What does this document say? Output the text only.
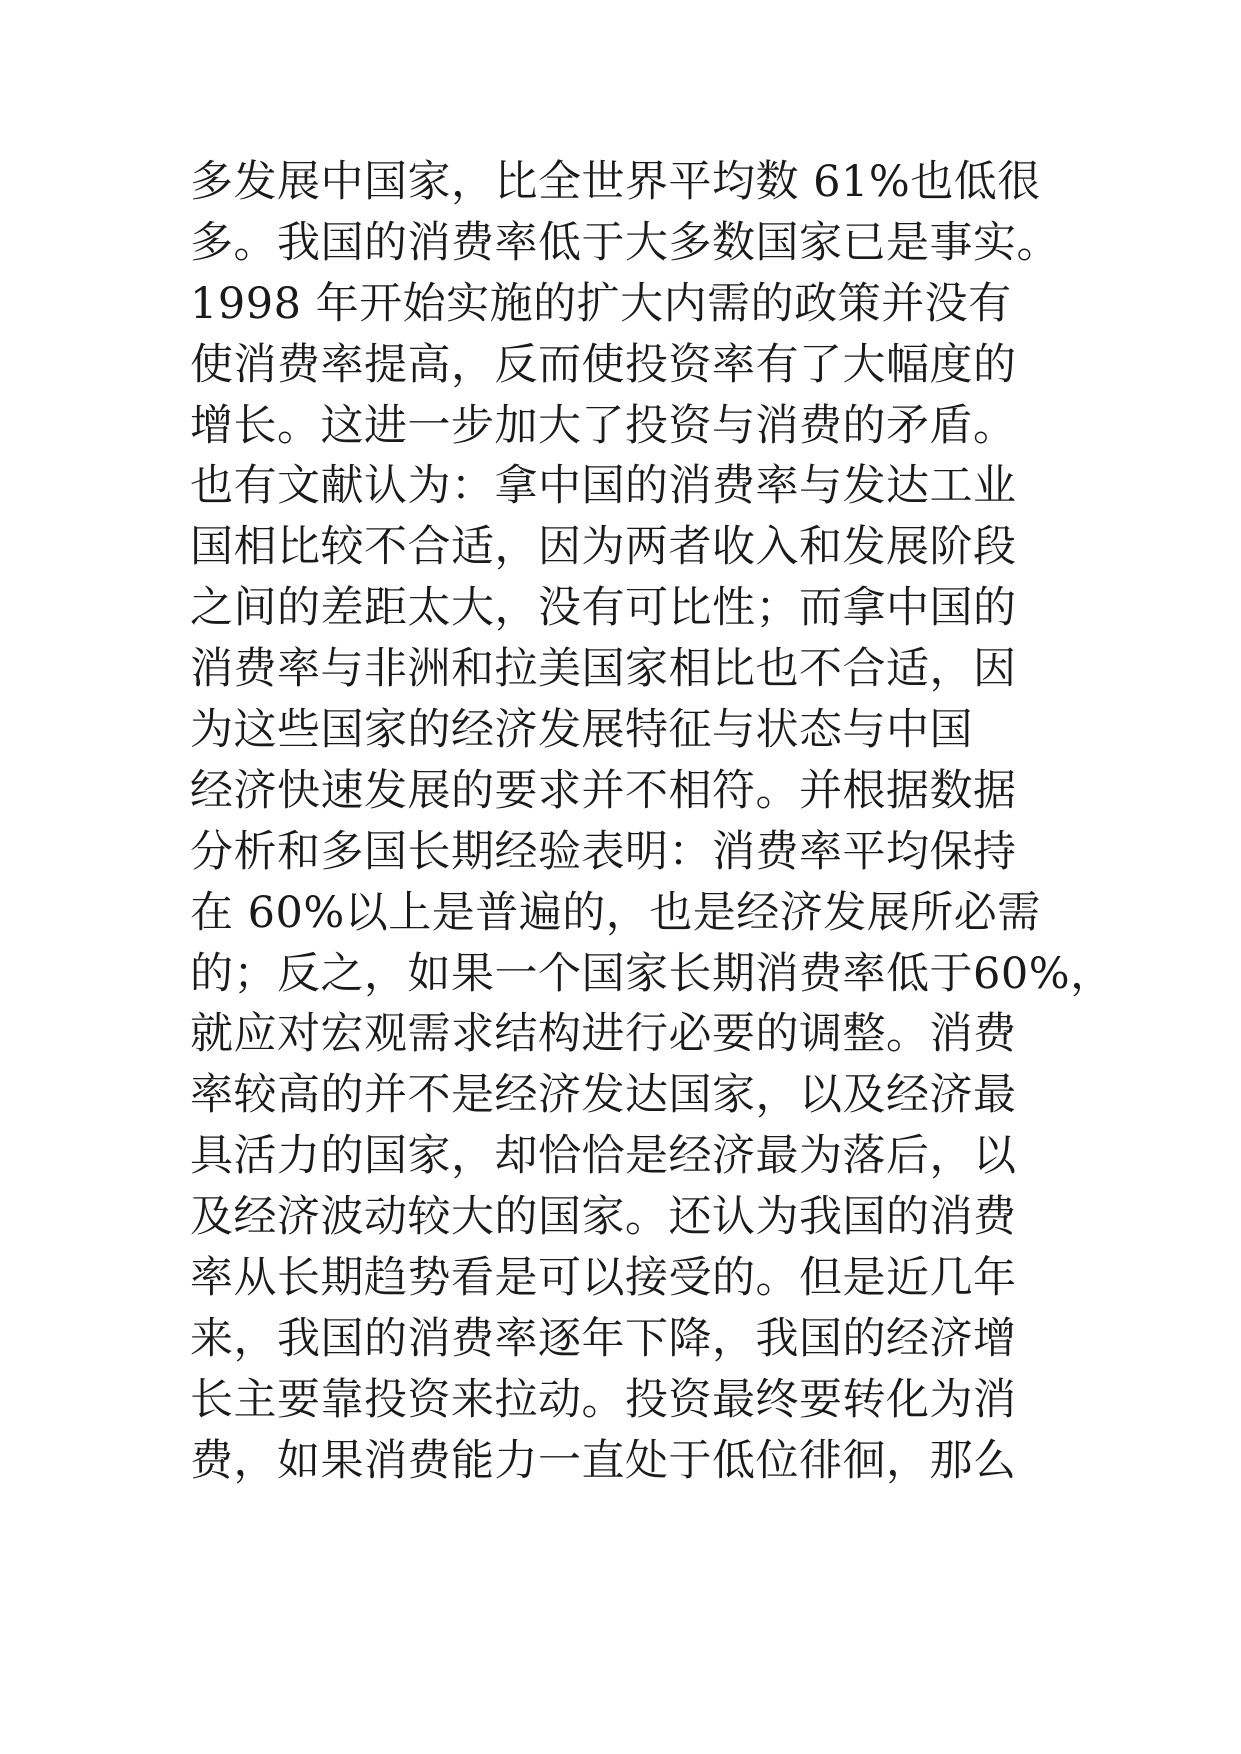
多发展中国家，比全世界平均数 61%也低很
多。我国的消费率低于大多数国家已是事实。
1998 年开始实施的扩大内需的政策并没有
使消费率提高，反而使投资率有了大幅度的
增长。这进一步加大了投资与消费的矛盾。
也有文献认为：拿中国的消费率与发达工业
国相比较不合适，因为两者收入和发展阶段
之间的差距太大，没有可比性；而拿中国的
消费率与非洲和拉美国家相比也不合适，因
为这些国家的经济发展特征与状态与中国
经济快速发展的要求并不相符。并根据数据
分析和多国长期经验表明：消费率平均保持
在 60%以上是普遍的，也是经济发展所必需
的；反之，如果一个国家长期消费率低于60%，
就应对宏观需求结构进行必要的调整。消费
率较高的并不是经济发达国家，以及经济最
具活力的国家，却恰恰是经济最为落后，以
及经济波动较大的国家。还认为我国的消费
率从长期趋势看是可以接受的。但是近几年
来，我国的消费率逐年下降，我国的经济增
长主要靠投资来拉动。投资最终要转化为消
费，如果消费能力一直处于低位徘徊，那么
